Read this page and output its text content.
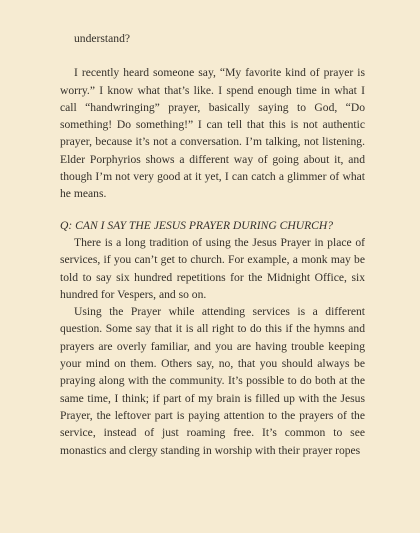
understand?

I recently heard someone say, “My favorite kind of prayer is worry.” I know what that’s like. I spend enough time in what I call “handwringing” prayer, basically saying to God, “Do something! Do something!” I can tell that this is not authentic prayer, because it’s not a conversation. I’m talking, not listening. Elder Porphyrios shows a different way of going about it, and though I’m not very good at it yet, I can catch a glimmer of what he means.

Q: CAN I SAY THE JESUS PRAYER DURING CHURCH?

There is a long tradition of using the Jesus Prayer in place of services, if you can’t get to church. For example, a monk may be told to say six hundred repetitions for the Midnight Office, six hundred for Vespers, and so on.

Using the Prayer while attending services is a different question. Some say that it is all right to do this if the hymns and prayers are overly familiar, and you are having trouble keeping your mind on them. Others say, no, that you should always be praying along with the community. It’s possible to do both at the same time, I think; if part of my brain is filled up with the Jesus Prayer, the leftover part is paying attention to the prayers of the service, instead of just roaming free. It’s common to see monastics and clergy standing in worship with their prayer ropes
